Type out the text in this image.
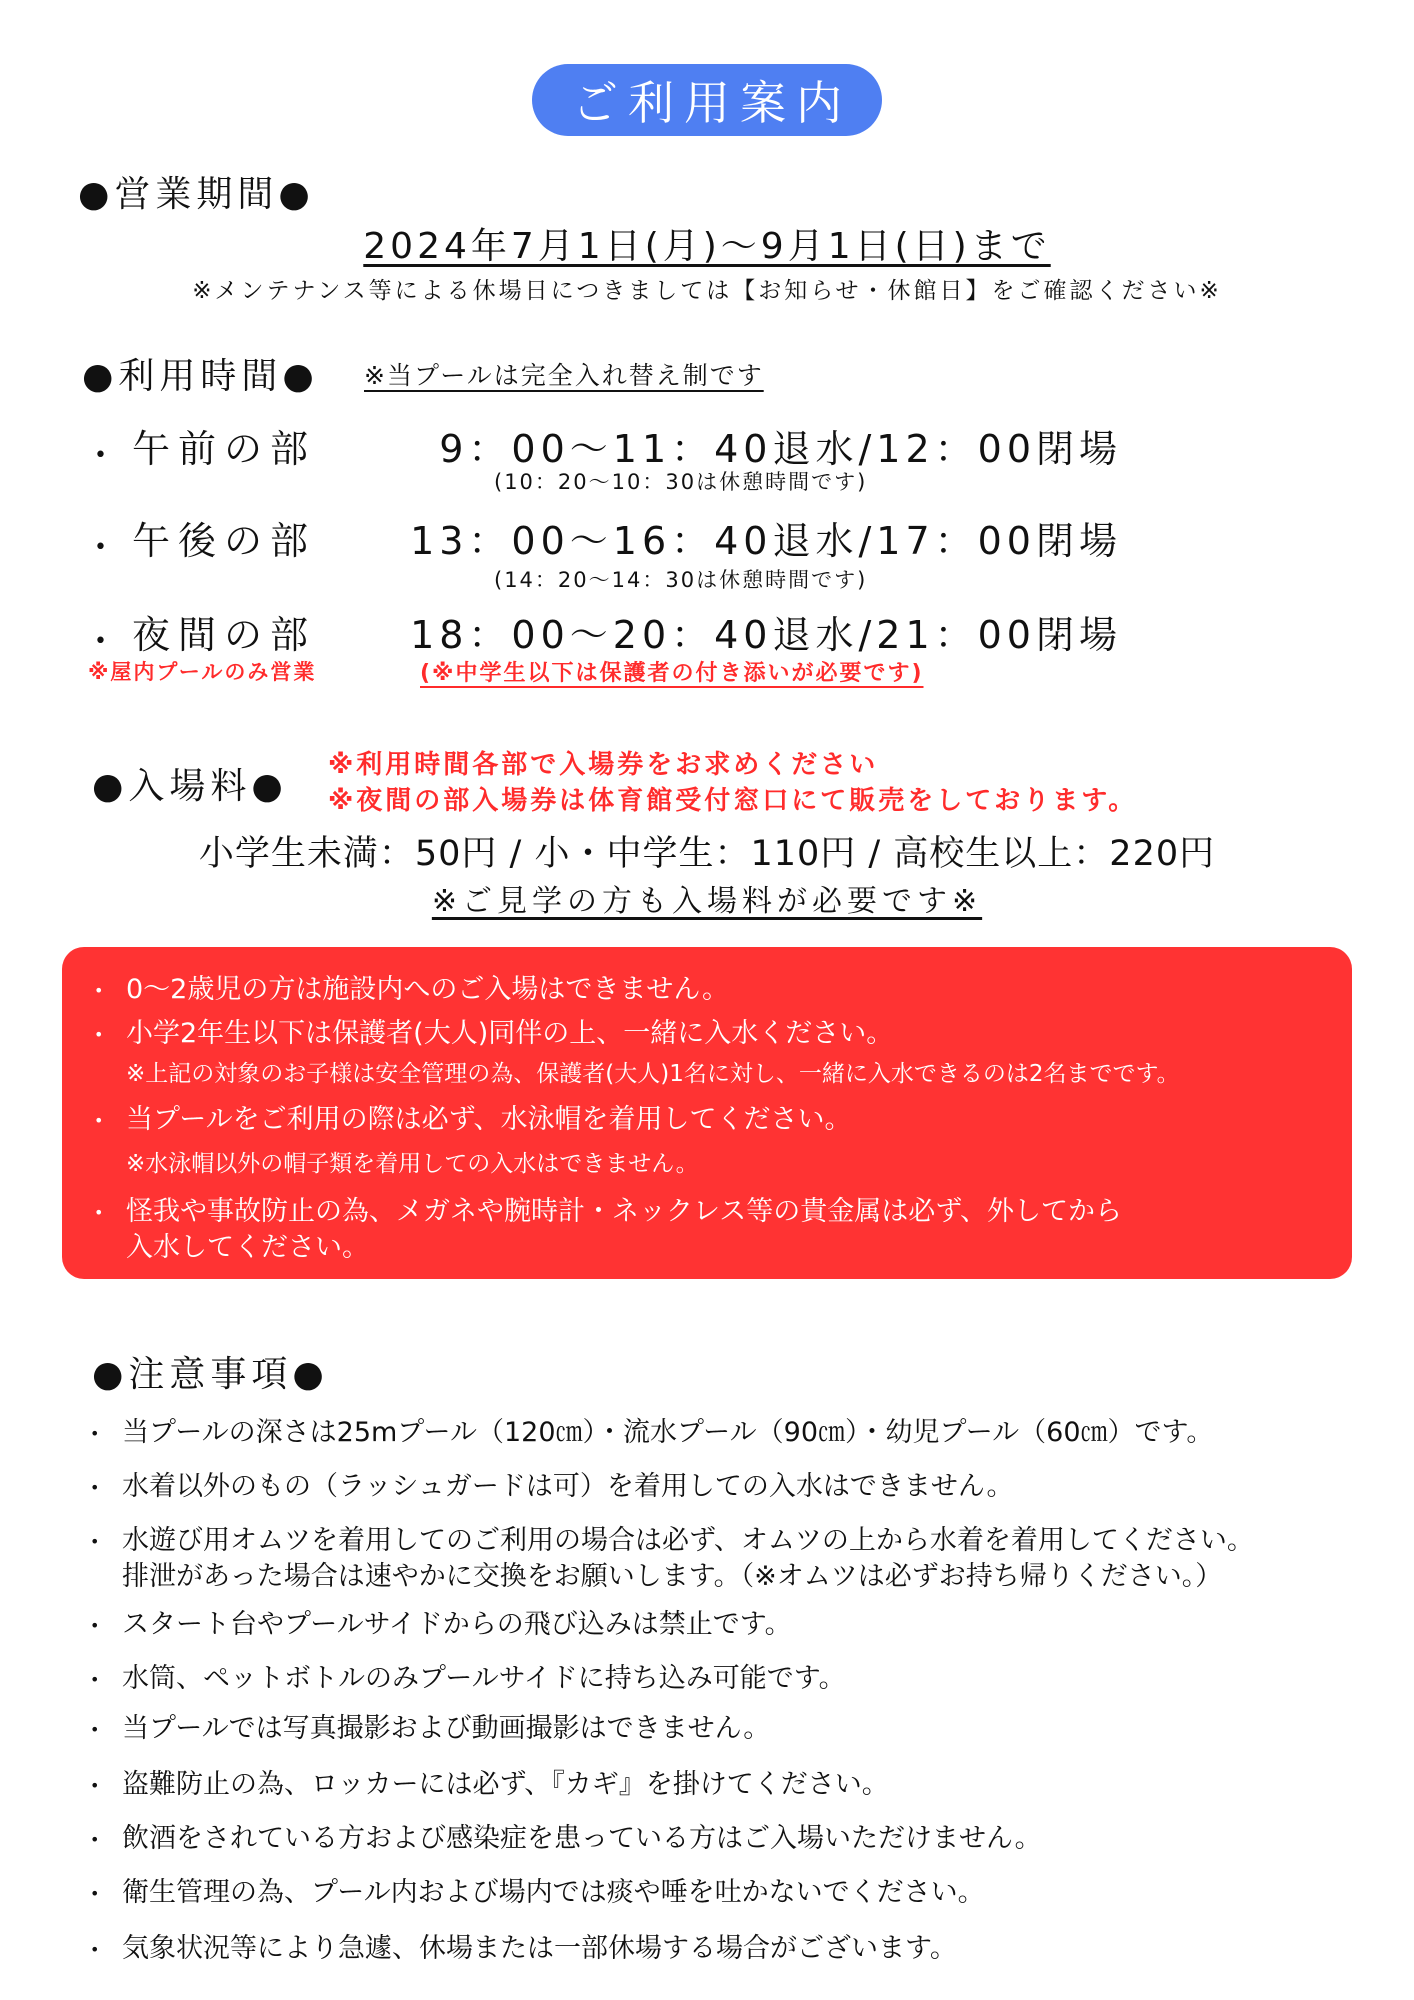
ご利用案内
●営業期間●
2024年7月1日(月)～9月1日(日)まで
※メンテナンス等による休場日につきましては【お知らせ・休館日】をご確認ください※
●利用時間● ※当プールは完全入れ替え制です
• 午前の部	9：00～11：40退水/12：00閉場
(10：20～10：30は休憩時間です)
• 午後の部	13：00～16：40退水/17：00閉場
(14：20～14：30は休憩時間です)
• 夜間の部	18：00～20：40退水/21：00閉場
※屋内プールのみ営業	(※中学生以下は保護者の付き添いが必要です)
●入場料●
※利用時間各部で入場券をお求めください
※夜間の部入場券は体育館受付窓口にて販売をしております。
小学生未満：50円 / 小・中学生：110円 / 高校生以上：220円
※ご見学の方も入場料が必要です※
• 0～2歳児の方は施設内へのご入場はできません。
• 小学2年生以下は保護者(大人)同伴の上、一緒に入水ください。
※上記の対象のお子様は安全管理の為、保護者(大人)1名に対し、一緒に入水できるのは2名までです。
• 当プールをご利用の際は必ず、水泳帽を着用してください。
※水泳帽以外の帽子類を着用しての入水はできません。
• 怪我や事故防止の為、メガネや腕時計・ネックレス等の貴金属は必ず、外してから
入水してください。
●注意事項●
• 当プールの深さは25mプール（120㎝）・流水プール（90㎝）・幼児プール（60㎝）です。
• 水着以外のもの（ラッシュガードは可）を着用しての入水はできません。
• 水遊び用オムツを着用してのご利用の場合は必ず、オムツの上から水着を着用してください。
排泄があった場合は速やかに交換をお願いします。（※オムツは必ずお持ち帰りください。）
• スタート台やプールサイドからの飛び込みは禁止です。
• 水筒、ペットボトルのみプールサイドに持ち込み可能です。
• 当プールでは写真撮影および動画撮影はできません。
• 盗難防止の為、ロッカーには必ず、『カギ』を掛けてください。
• 飲酒をされている方および感染症を患っている方はご入場いただけません。
• 衛生管理の為、プール内および場内では痰や唾を吐かないでください。
• 気象状況等により急遽、休場または一部休場する場合がございます。
